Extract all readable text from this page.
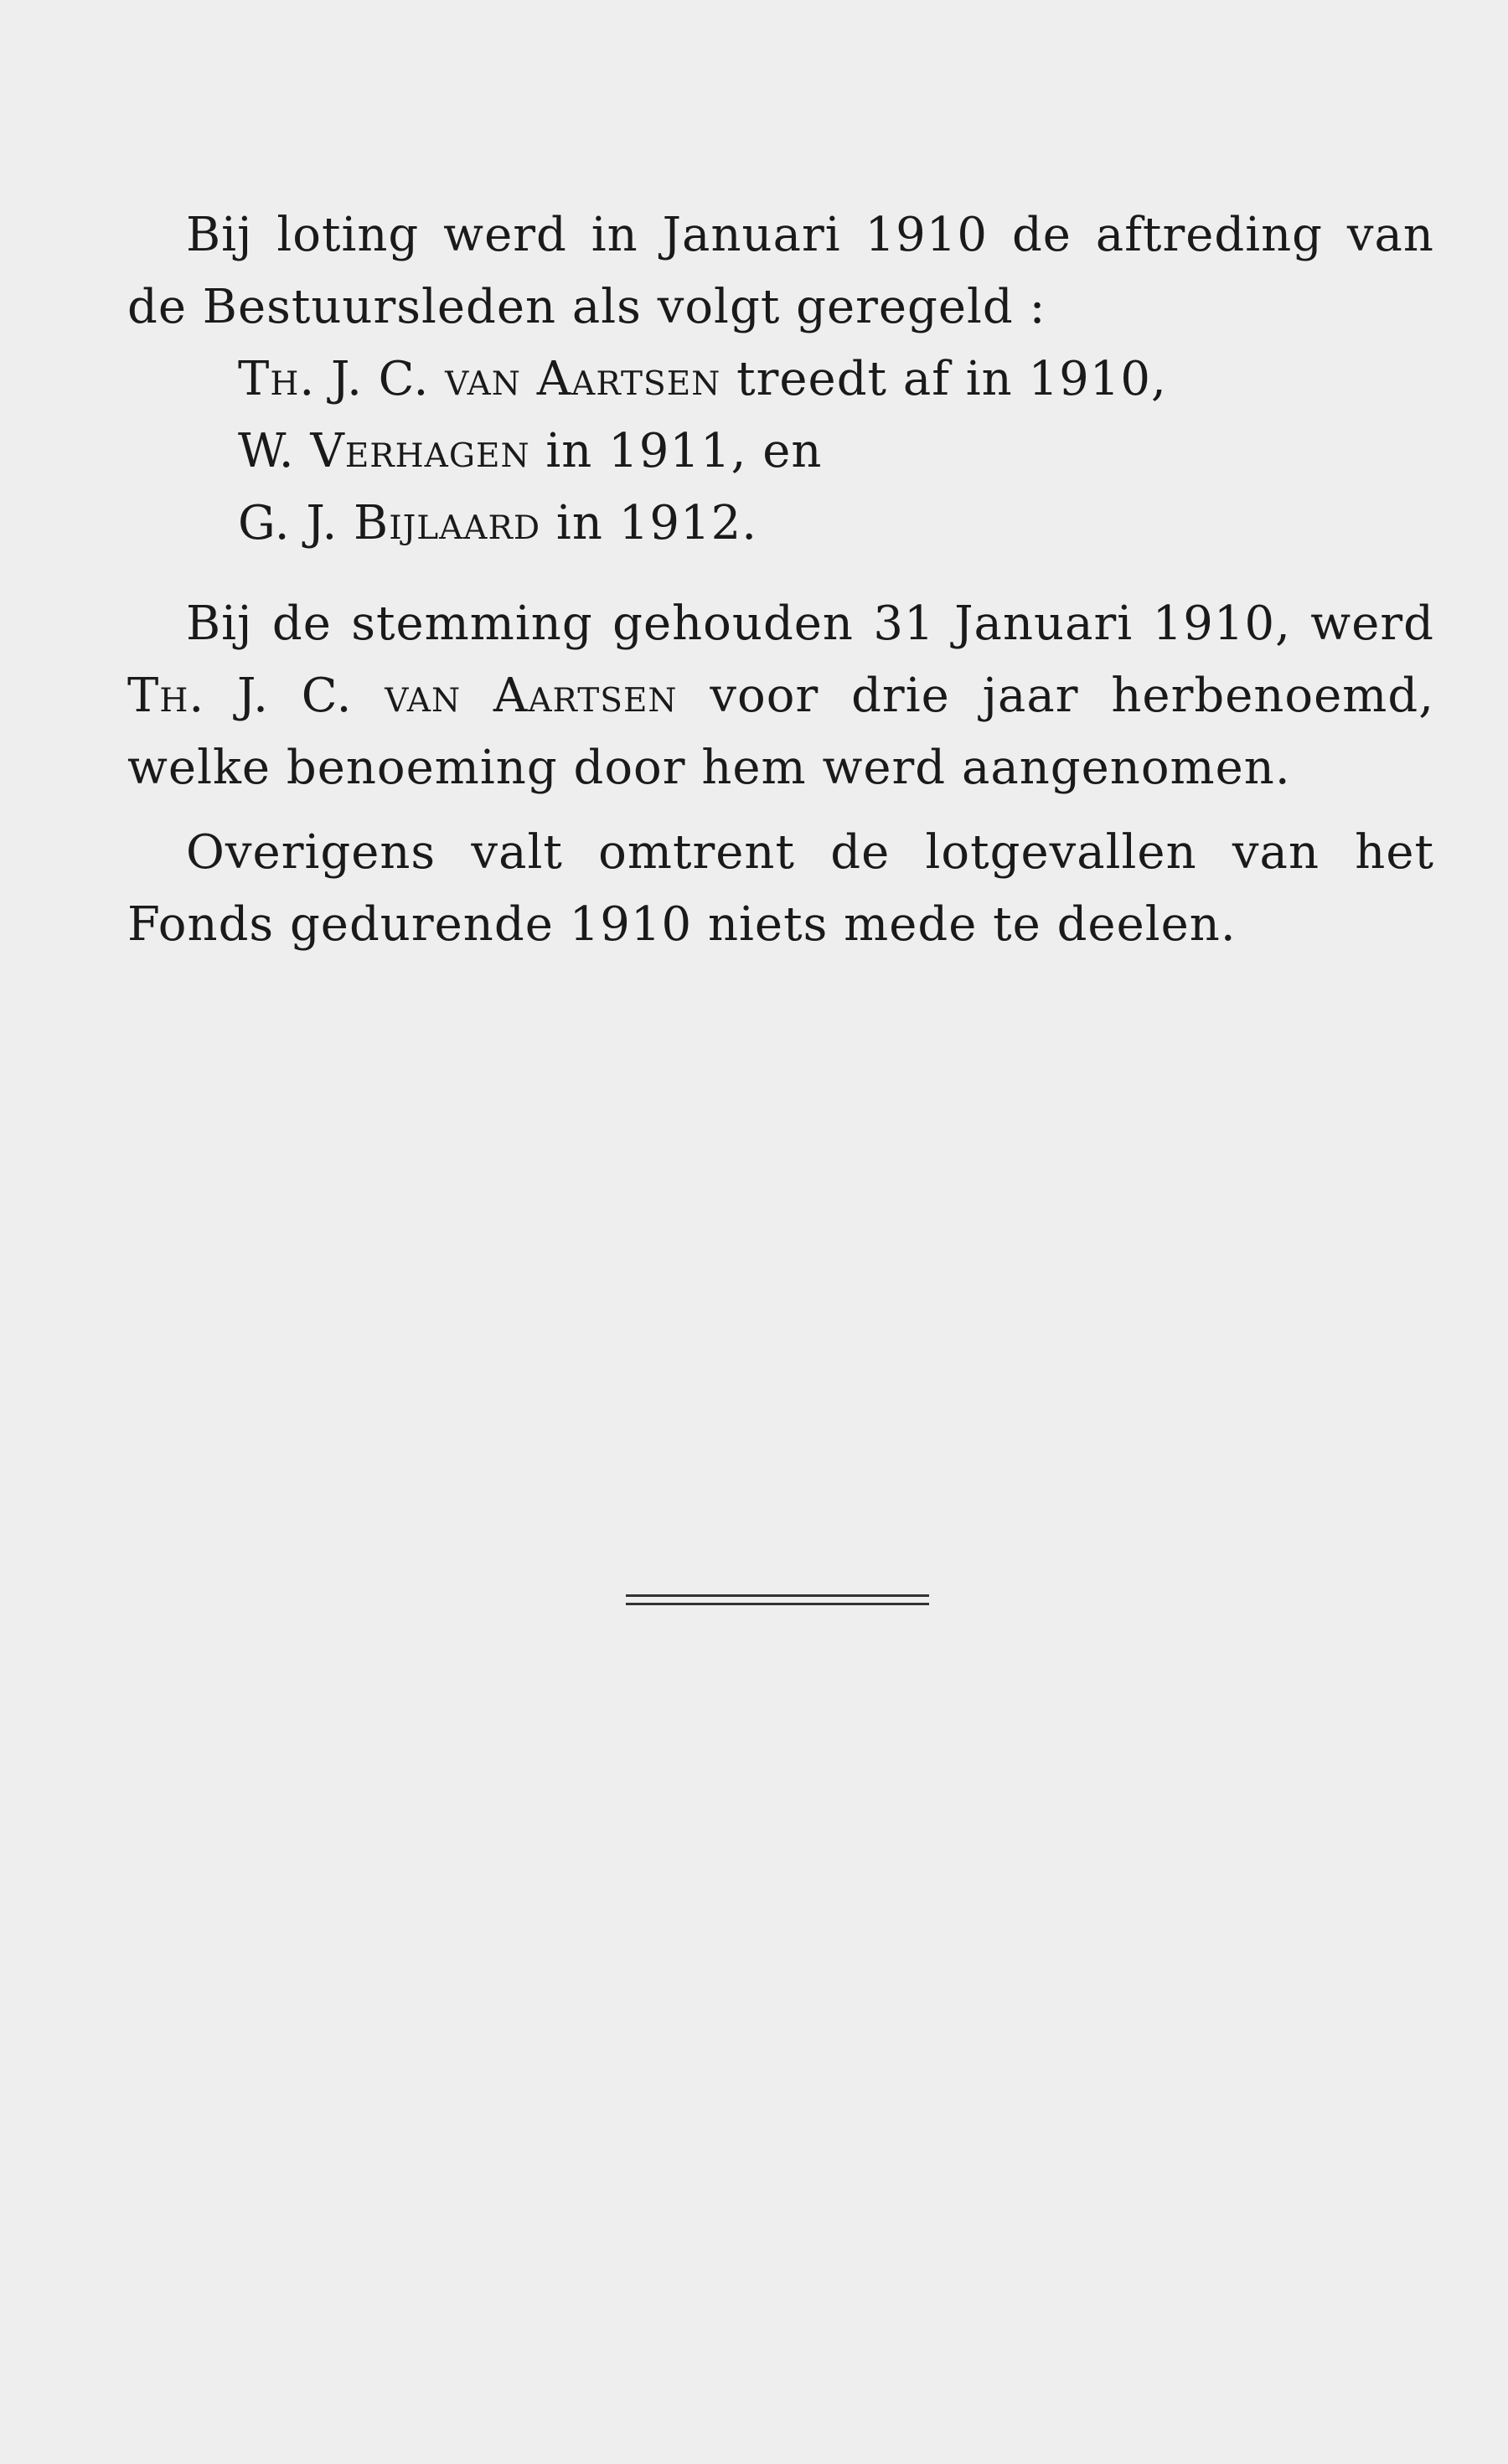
Bij loting werd in Januari 1910 de aftreding van de Bestuursleden als volgt geregeld :

Th. J. C. van Aartsen treedt af in 1910,

W. Verhagen in 1911, en

G. J. Bijlaard in 1912.

Bij de stemming gehouden 31 Januari 1910, werd Th. J. C. van Aartsen voor drie jaar herbenoemd, welke benoeming door hem werd aangenomen.

Overigens valt omtrent de lotgevallen van het Fonds gedurende 1910 niets mede te deelen.
